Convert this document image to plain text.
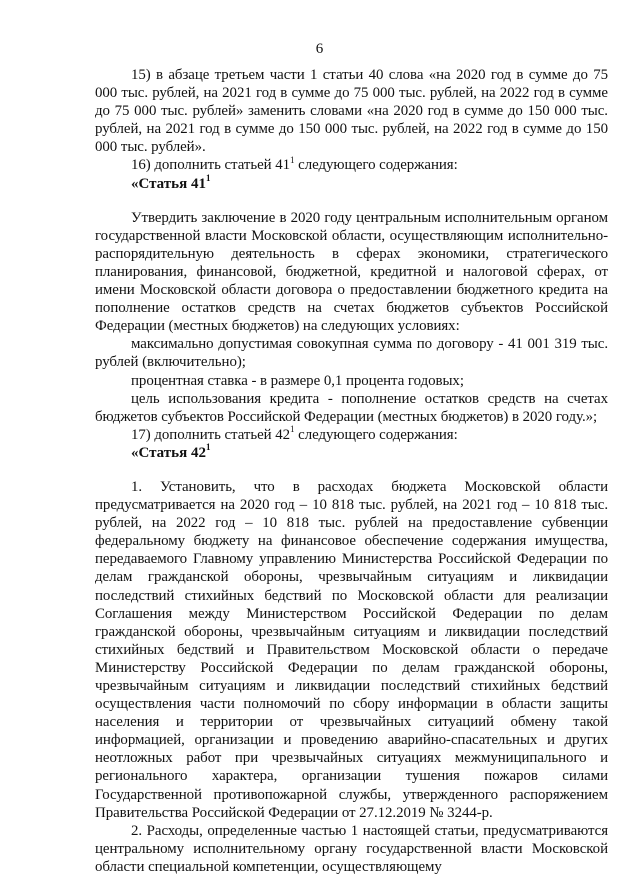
6

15) в абзаце третьем части 1 статьи 40 слова «на 2020 год в сумме до 75 000 тыс. рублей, на 2021 год в сумме до 75 000 тыс. рублей, на 2022 год в сумме до 75 000 тыс. рублей» заменить словами «на 2020 год в сумме до 150 000 тыс. рублей, на 2021 год в сумме до 150 000 тыс. рублей, на 2022 год в сумме до 150 000 тыс. рублей».

16) дополнить статьей $41^1$ следующего содержания:

«Статья $41^1$

Утвердить заключение в 2020 году центральным исполнительным органом государственной власти Московской области, осуществляющим исполнительно-распорядительную деятельность в сферах экономики, стратегического планирования, финансовой, бюджетной, кредитной и налоговой сферах, от имени Московской области договора о предоставлении бюджетного кредита на пополнение остатков средств на счетах бюджетов субъектов Российской Федерации (местных бюджетов) на следующих условиях:

максимально допустимая совокупная сумма по договору - 41 001 319 тыс. рублей (включительно);

процентная ставка - в размере 0,1 процента годовых;

цель использования кредита - пополнение остатков средств на счетах бюджетов субъектов Российской Федерации (местных бюджетов) в 2020 году.»;

17) дополнить статьей $42^1$ следующего содержания:

«Статья $42^1$

1. Установить, что в расходах бюджета Московской области предусматривается на 2020 год – 10 818 тыс. рублей, на 2021 год – 10 818 тыс. рублей, на 2022 год – 10 818 тыс. рублей на предоставление субвенции федеральному бюджету на финансовое обеспечение содержания имущества, передаваемого Главному управлению Министерства Российской Федерации по делам гражданской обороны, чрезвычайным ситуациям и ликвидации последствий стихийных бедствий по Московской области для реализации Соглашения между Министерством Российской Федерации по делам гражданской обороны, чрезвычайным ситуациям и ликвидации последствий стихийных бедствий и Правительством Московской области о передаче Министерству Российской Федерации по делам гражданской обороны, чрезвычайным ситуациям и ликвидации последствий стихийных бедствий осуществления части полномочий по сбору информации в области защиты населения и территории от чрезвычайных ситуациий обмену такой информацией, организации и проведению аварийно-спасательных и других неотложных работ при чрезвычайных ситуациях межмуниципального и регионального характера, организации тушения пожаров силами Государственной противопожарной службы, утвержденного распоряжением Правительства Российской Федерации от 27.12.2019 № 3244-р.

2. Расходы, определенные частью 1 настоящей статьи, предусматриваются центральному исполнительному органу государственной власти Московской области специальной компетенции, осуществляющему
